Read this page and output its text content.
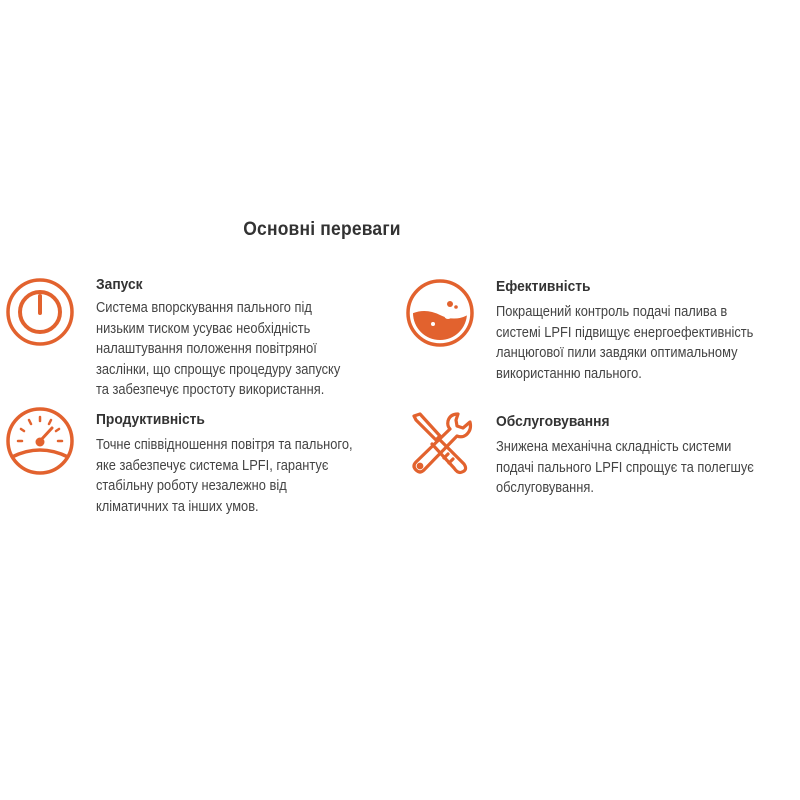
Основні переваги
Запуск
Система впорскування пального під
низьким тиском усуває необхідність
налаштування положення повітряної
заслінки, що спрощує процедуру запуску
та забезпечує простоту використання.
Ефективність
Покращений контроль подачі палива в
системі LPFI підвищує енергоефективність
ланцюгової пили завдяки оптимальному
використанню пального.
Продуктивність
Точне співвідношення повітря та пального,
яке забезпечує система LPFI, гарантує
стабільну роботу незалежно від
кліматичних та інших умов.
Обслуговування
Знижена механічна складність системи
подачі пального LPFI спрощує та полегшує
обслуговування.
